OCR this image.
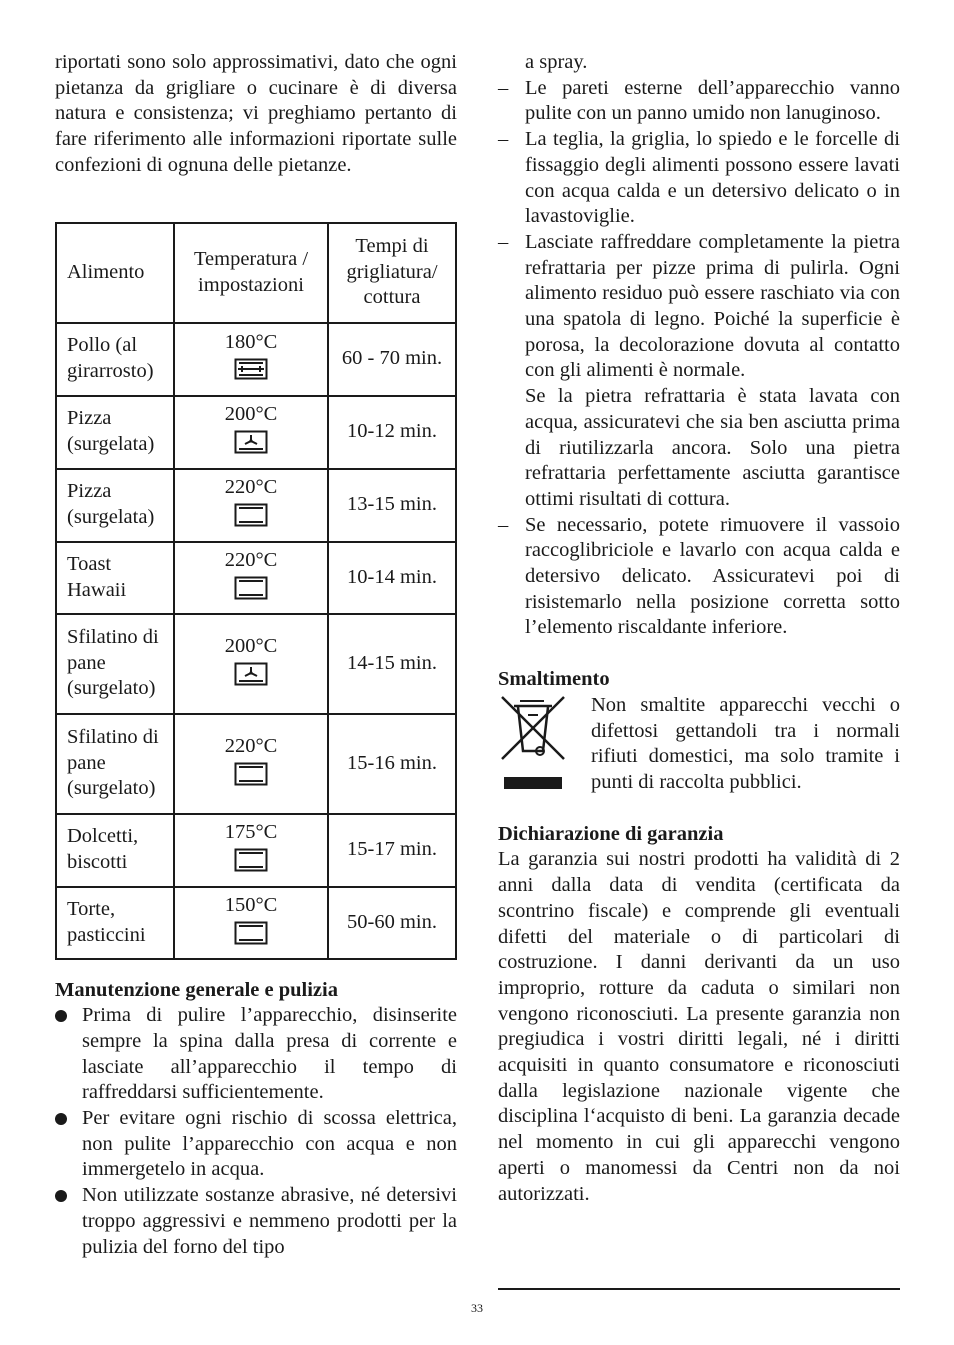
riportati sono solo approssimativi, dato che ogni pietanza da grigliare o cucinare è di diversa natura e consistenza; vi preghiamo pertanto di fare riferimento alle informazioni riportate sulle confezioni di ognuna delle pietanze.

Alimento	Temperatura / impostazioni	Tempi di grigliatura/ cottura
Pollo (al girarrosto)	180°C	60 - 70 min.
Pizza (surgelata)	200°C	10-12 min.
Pizza (surgelata)	220°C	13-15 min.
Toast Hawaii	220°C	10-14 min.
Sfilatino di pane (surgelato)	200°C	14-15 min.
Sfilatino di pane (surgelato)	220°C	15-16 min.
Dolcetti, biscotti	175°C	15-17 min.
Torte, pasticcini	150°C	50-60 min.
Manutenzione generale e pulizia
Prima di pulire l’apparecchio, disinserite sempre la spina dalla presa di corrente e lasciate all’apparecchio il tempo di raffreddarsi sufficientemente.
Per evitare ogni rischio di scossa elettrica, non pulite l’apparecchio con acqua e non immergetelo in acqua.
Non utilizzate sostanze abrasive, né detersivi troppo aggressivi e nemmeno prodotti per la pulizia del forno del tipo
a spray.
– Le pareti esterne dell’apparecchio vanno pulite con un panno umido non lanuginoso.
– La teglia, la griglia, lo spiedo e le forcelle di fissaggio degli alimenti possono essere lavati con acqua calda e un detersivo delicato o in lavastoviglie.
– Lasciate raffreddare completamente la pietra refrattaria per pizze prima di pulirla. Ogni alimento residuo può essere raschiato via con una spatola di legno. Poiché la superficie è porosa, la decolorazione dovuta al contatto con gli alimenti è normale.
Se la pietra refrattaria è stata lavata con acqua, assicuratevi che sia ben asciutta prima di riutilizzarla ancora. Solo una pietra refrattaria perfettamente asciutta garantisce ottimi risultati di cottura.
– Se necessario, potete rimuovere il vassoio raccoglibriciole e lavarlo con acqua calda e detersivo delicato. Assicuratevi poi di risistemarlo nella posizione corretta sotto l’elemento riscaldante inferiore.
Smaltimento
Non smaltite apparecchi vecchi o difettosi gettandoli tra i normali rifiuti domestici, ma solo tramite i punti di raccolta pubblici.
Dichiarazione di garanzia
La garanzia sui nostri prodotti ha validità di 2 anni dalla data di vendita (certificata da scontrino fiscale) e comprende gli eventuali difetti del materiale o di particolari di costruzione. I danni derivanti da un uso improprio, rotture da caduta o similari non vengono riconosciuti. La presente garanzia non pregiudica i vostri diritti legali, né i diritti acquisiti in quanto consumatore e riconosciuti dalla legislazione nazionale vigente che disciplina l‘acquisto di beni. La garanzia decade nel momento in cui gli apparecchi vengono aperti o manomessi da Centri non da noi autorizzati.
33
